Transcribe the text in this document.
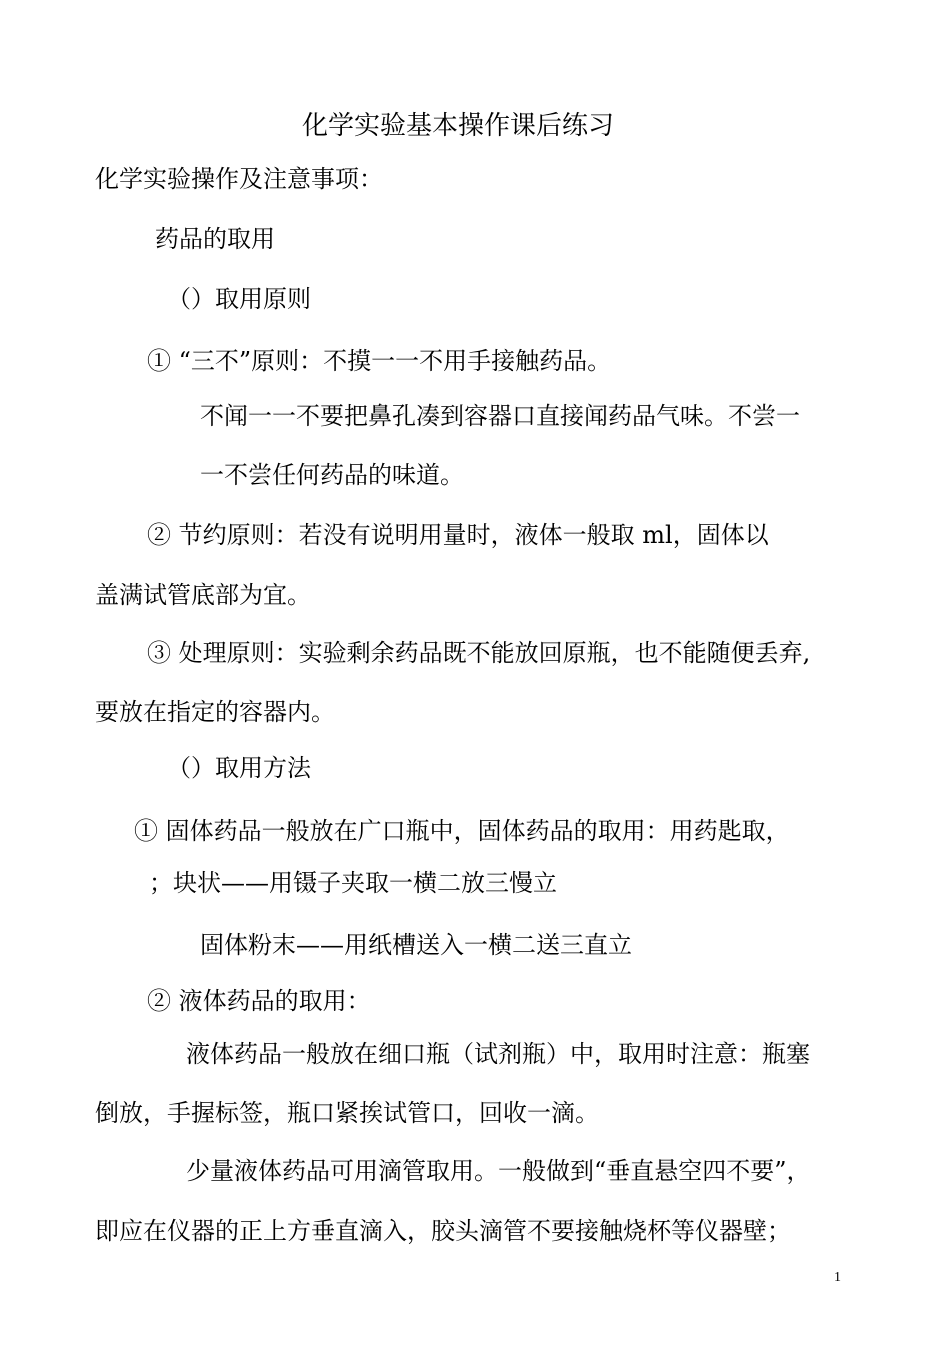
化学实验基本操作课后练习
化学实验操作及注意事项：
药品的取用
（）取用原则
① “三不”原则：不摸一一不用手接触药品。
不闻一一不要把鼻孔凑到容器口直接闻药品气味。不尝一
一不尝任何药品的味道。
② 节约原则：若没有说明用量时，液体一般取 ml，固体以
盖满试管底部为宜。
③ 处理原则：实验剩余药品既不能放回原瓶，也不能随便丢弃,
要放在指定的容器内。
（）取用方法
① 固体药品一般放在广口瓶中，固体药品的取用：用药匙取，
；块状——用镊子夹取一横二放三慢立
固体粉末——用纸槽送入一横二送三直立
② 液体药品的取用：
液体药品一般放在细口瓶（试剂瓶）中，取用时注意：瓶塞
倒放，手握标签，瓶口紧挨试管口，回收一滴。
少量液体药品可用滴管取用。一般做到“垂直悬空四不要”，
即应在仪器的正上方垂直滴入，胶头滴管不要接触烧杯等仪器壁；
1
